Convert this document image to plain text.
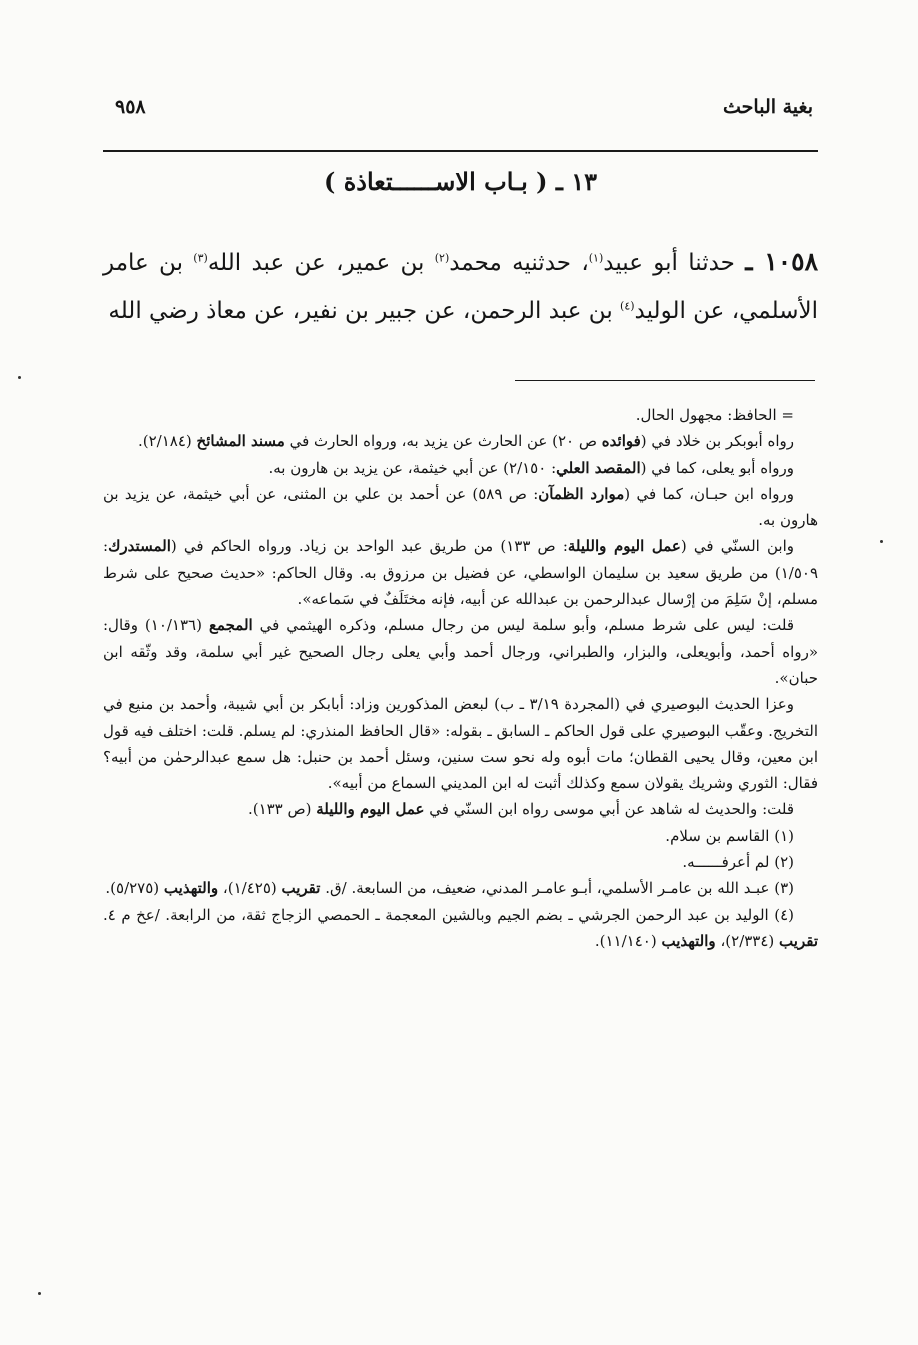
بغية الباحث
٩٥٨
١٣ ـ ( بـاب الاســــــتعاذة )
١٠٥٨ ـ حدثنا أبو عبيد$^{(١)}$، حدثنيه محمد$^{(٢)}$ بن عمير، عن عبد الله$^{(٣)}$ بن عامر الأسلمي، عن الوليد$^{(٤)}$ بن عبد الرحمن، عن جبير بن نفير، عن معاذ رضي الله

= الحافظ: مجهول الحال.

رواه أبوبكر بن خلاد في (فوائده ص ٢٠) عن الحارث عن يزيد به، ورواه الحارث في مسند المشائخ (٢/١٨٤).

ورواه أبو يعلى، كما في (المقصد العلي: ٢/١٥٠) عن أبي خيثمة، عن يزيد بن هارون به.

ورواه ابن حبـان، كما في (موارد الظمآن: ص ٥٨٩) عن أحمد بن علي بن المثنى، عن أبي خيثمة، عن يزيد بن هارون به.

وابن السنّي في (عمل اليوم والليلة: ص ١٣٣) من طريق عبد الواحد بن زياد. ورواه الحاكم في (المستدرك: ١/٥٠٩) من طريق سعيد بن سليمان الواسطي، عن فضيل بن مرزوق به. وقال الحاكم: «حديث صحيح على شرط مسلم، إنْ سَلِمَ من إرْسال عبدالرحمن بن عبدالله عن أبيه، فإنه مختَلَفٌ في سَماعه».

قلت: ليس على شرط مسلم، وأبو سلمة ليس من رجال مسلم، وذكره الهيثمي في المجمع (١٠/١٣٦) وقال: «رواه أحمد، وأبويعلى، والبزار، والطبراني، ورجال أحمد وأبي يعلى رجال الصحيح غير أبي سلمة، وقد وثّقه ابن حبان».

وعزا الحديث البوصيري في (المجردة ٣/١٩ ـ ب) لبعض المذكورين وزاد: أبابكر بن أبي شيبة، وأحمد بن منيع في التخريج. وعقّب البوصيري على قول الحاكم ـ السابق ـ بقوله: «قال الحافظ المنذري: لم يسلم. قلت: اختلف فيه قول ابن معين، وقال يحيى القطان؛ مات أبوه وله نحو ست سنين، وسئل أحمد بن حنبل: هل سمع عبدالرحمٰن من أبيه؟ فقال: الثوري وشريك يقولان سمع وكذلك أثبت له ابن المديني السماع من أبيه».

قلت: والحديث له شاهد عن أبي موسى رواه ابن السنّي في عمل اليوم والليلة (ص ١٣٣).

(١) القاسم بن سلام.

(٢) لم أعرفــــــه.

(٣) عبـد الله بن عامـر الأسلمي، أبـو عامـر المدني، ضعيف، من السابعة. /ق. تقريب (١/٤٢٥)، والتهذيب (٥/٢٧٥).

(٤) الوليد بن عبد الرحمن الجرشي ـ بضم الجيم وبالشين المعجمة ـ الحمصي الزجاج ثقة، من الرابعة. /عخ م ٤. تقريب (٢/٣٣٤)، والتهذيب (١١/١٤٠).
